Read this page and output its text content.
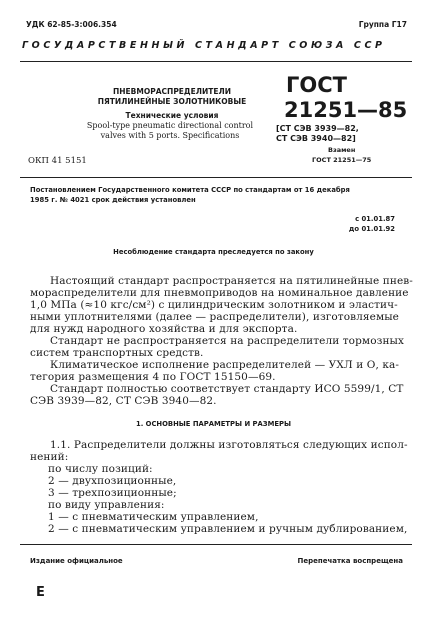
УДК 62-85-3:006.354	Группа Г17
ГОСУДАРСТВЕННЫЙ СТАНДАРТ СОЮЗА ССР
ПНЕВМОРАСПРЕДЕЛИТЕЛИ
ПЯТИЛИНЕЙНЫЕ ЗОЛОТНИКОВЫЕ
Технические условия
Spool-type pneumatic directional control
valves with 5 ports. Specifications
ОКП 41 5151
ГОСТ
21251—85
[СТ СЭВ 3939—82,
СТ СЭВ 3940—82]
Взамен
ГОСТ 21251—75
Постановлением Государственного комитета СССР по стандартам от 16 декабря
1985 г. № 4021 срок действия установлен
с 01.01.87
до 01.01.92
Несоблюдение стандарта преследуется по закону
Настоящий стандарт распространяется на пятилинейные пнев-
мораспределители для пневмоприводов на номинальное давление
1,0 МПа (≈10 кгс/см²) с цилиндрическим золотником и эластич-
ными уплотнителями (далее — распределители), изготовляемые
для нужд народного хозяйства и для экспорта.
Стандарт не распространяется на распределители тормозных
систем транспортных средств.
Климатическое исполнение распределителей — УХЛ и О, ка-
тегория размещения 4 по ГОСТ 15150—69.
Стандарт полностью соответствует стандарту ИСО 5599/1, СТ
СЭВ 3939—82, СТ СЭВ 3940—82.
1. ОСНОВНЫЕ ПАРАМЕТРЫ И РАЗМЕРЫ
1.1. Распределители должны изготовляться следующих испол-
нений:
по числу позиций:
2 — двухпозиционные,
3 — трехпозиционные;
по виду управления:
1 — с пневматическим управлением,
2 — с пневматическим управлением и ручным дублированием,
Издание официальное	Перепечатка воспрещена
Е
